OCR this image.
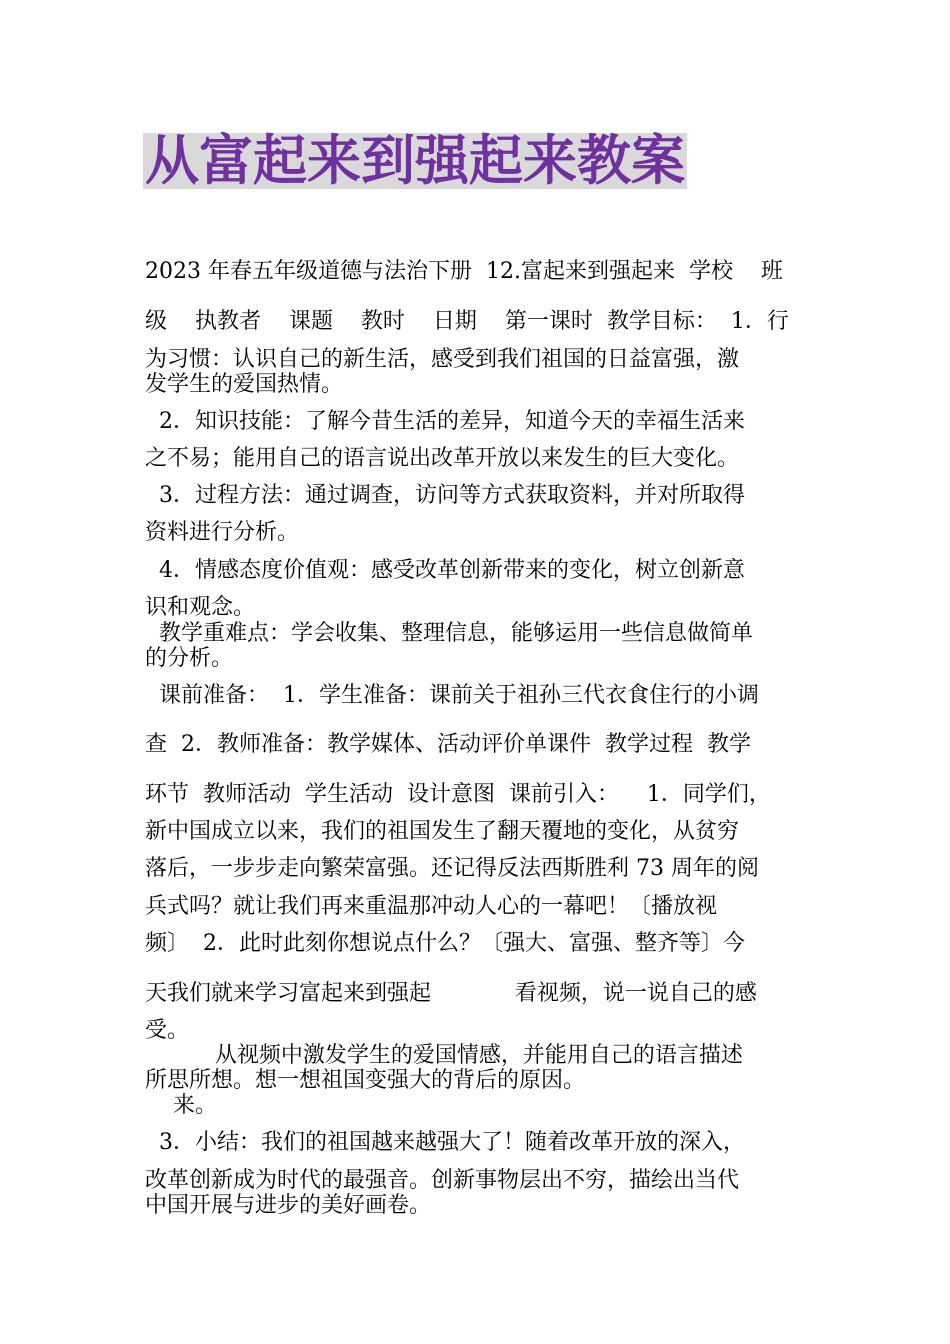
从富起来到强起来教案
2023 年春五年级道德与法治下册  12.富起来到强起来  学校    班
级    执教者    课题    教时    日期    第一课时  教学目标：  1．行
为习惯：认识自己的新生活，感受到我们祖国的日益富强，激
发学生的爱国热情。
2．知识技能：了解今昔生活的差异，知道今天的幸福生活来
之不易；能用自己的语言说出改革开放以来发生的巨大变化。
3．过程方法：通过调查，访问等方式获取资料，并对所取得
资料进行分析。
4．情感态度价值观：感受改革创新带来的变化，树立创新意
识和观念。
教学重难点：学会收集、整理信息，能够运用一些信息做简单
的分析。
课前准备：  1．学生准备：课前关于祖孙三代衣食住行的小调
查  2．教师准备：教学媒体、活动评价单课件  教学过程  教学
环节  教师活动  学生活动  设计意图  课前引入：    1．同学们，
新中国成立以来，我们的祖国发生了翻天覆地的变化，从贫穷
落后，一步步走向繁荣富强。还记得反法西斯胜利 73 周年的阅
兵式吗？就让我们再来重温那冲动人心的一幕吧！〔播放视
频〕  2．此时此刻你想说点什么？〔强大、富强、整齐等〕今
天我们就来学习富起来到强起            看视频，说一说自己的感
受。
从视频中激发学生的爱国情感，并能用自己的语言描述
所思所想。想一想祖国变强大的背后的原因。
来。
3．小结：我们的祖国越来越强大了！随着改革开放的深入，
改革创新成为时代的最强音。创新事物层出不穷，描绘出当代
中国开展与进步的美好画卷。
